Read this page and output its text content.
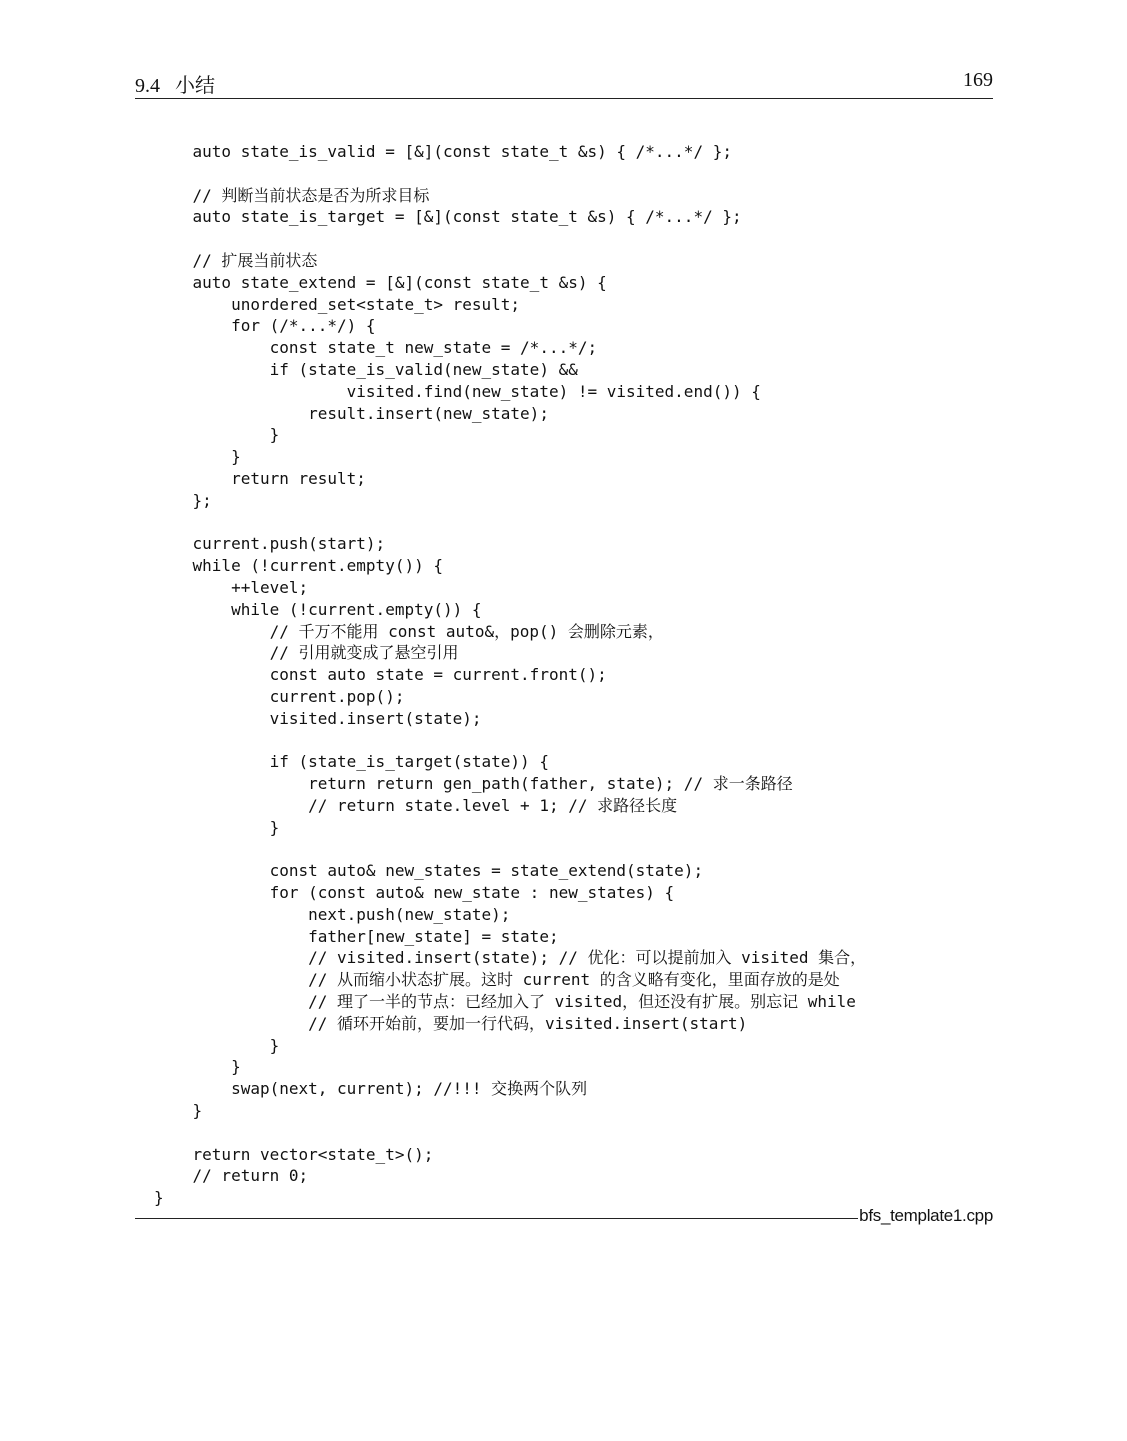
9.4   小结	169
auto state_is_valid = [&](const state_t &s) { /*...*/ };
// 判断当前状态是否为所求目标
auto state_is_target = [&](const state_t &s) { /*...*/ };
// 扩展当前状态
auto state_extend = [&](const state_t &s) {
unordered_set<state_t> result;
for (/*...*/) {
const state_t new_state = /*...*/;
if (state_is_valid(new_state) &&
visited.find(new_state) != visited.end()) {
result.insert(new_state);
}
}
return result;
};
current.push(start);
while (!current.empty()) {
++level;
while (!current.empty()) {
// 千万不能用 const auto&，pop() 会删除元素，
// 引用就变成了悬空引用
const auto state = current.front();
current.pop();
visited.insert(state);
if (state_is_target(state)) {
return return gen_path(father, state); // 求一条路径
// return state.level + 1; // 求路径长度
}
const auto& new_states = state_extend(state);
for (const auto& new_state : new_states) {
next.push(new_state);
father[new_state] = state;
// visited.insert(state); // 优化：可以提前加入 visited 集合，
// 从而缩小状态扩展。这时 current 的含义略有变化，里面存放的是处
// 理了一半的节点：已经加入了 visited，但还没有扩展。别忘记 while
// 循环开始前，要加一行代码，visited.insert(start)
}
}
swap(next, current); //!!! 交换两个队列
}
return vector<state_t>();
// return 0;
}
bfs_template1.cpp
